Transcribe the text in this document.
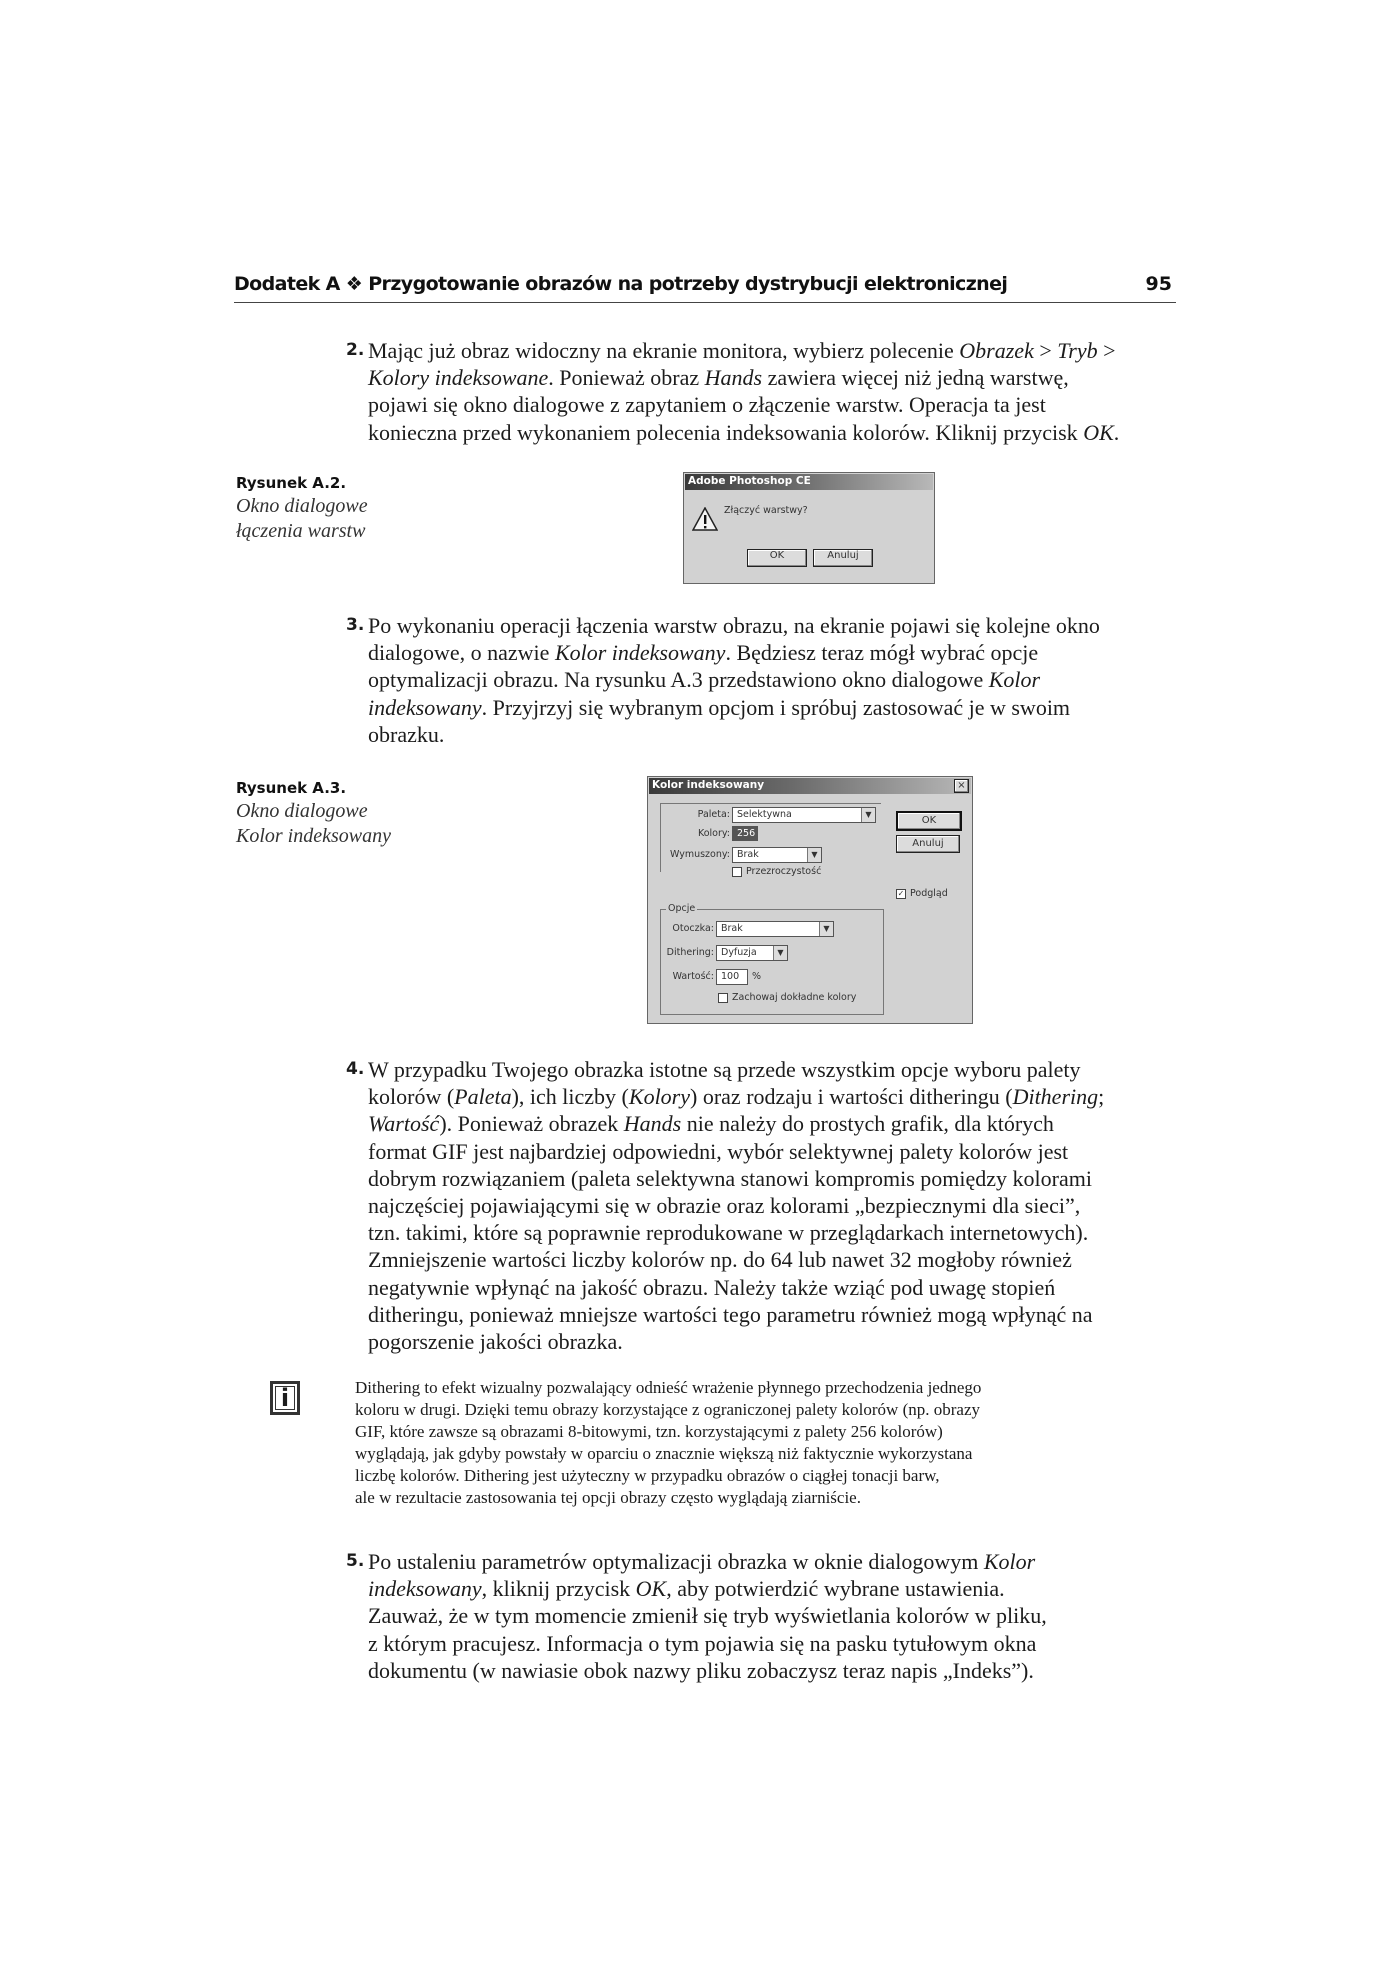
Dodatek A ❖ Przygotowanie obrazów na potrzeby dystrybucji elektronicznej	95
2. Mając już obraz widoczny na ekranie monitora, wybierz polecenie Obrazek > Tryb >

Kolory indeksowane. Ponieważ obraz Hands zawiera więcej niż jedną warstwę,

pojawi się okno dialogowe z zapytaniem o złączenie warstw. Operacja ta jest

konieczna przed wykonaniem polecenia indeksowania kolorów. Kliknij przycisk OK.

Rysunek A.2.
Okno dialogowe
łączenia warstw
Adobe Photoshop CE
Złączyć warstwy?
OK	Anuluj
3. Po wykonaniu operacji łączenia warstw obrazu, na ekranie pojawi się kolejne okno

dialogowe, o nazwie Kolor indeksowany. Będziesz teraz mógł wybrać opcje

optymalizacji obrazu. Na rysunku A.3 przedstawiono okno dialogowe Kolor

indeksowany. Przyjrzyj się wybranym opcjom i spróbuj zastosować je w swoim

obrazku.

Rysunek A.3.
Okno dialogowe
Kolor indeksowany
Kolor indeksowany	×
Paleta: Selektywna	▼
Kolory: 256
Wymuszony: Brak	▼
Przezroczystość
Opcje
Otoczka: Brak	▼
Dithering: Dyfuzja	▼
Wartość: 100 %
Zachowaj dokładne kolory
OK
Anuluj
✓ Podgląd
4. W przypadku Twojego obrazka istotne są przede wszystkim opcje wyboru palety

kolorów (Paleta), ich liczby (Kolory) oraz rodzaju i wartości ditheringu (Dithering;

Wartość). Ponieważ obrazek Hands nie należy do prostych grafik, dla których

format GIF jest najbardziej odpowiedni, wybór selektywnej palety kolorów jest

dobrym rozwiązaniem (paleta selektywna stanowi kompromis pomiędzy kolorami

najczęściej pojawiającymi się w obrazie oraz kolorami „bezpiecznymi dla sieci”,

tzn. takimi, które są poprawnie reprodukowane w przeglądarkach internetowych).

Zmniejszenie wartości liczby kolorów np. do 64 lub nawet 32 mogłoby również

negatywnie wpłynąć na jakość obrazu. Należy także wziąć pod uwagę stopień

ditheringu, ponieważ mniejsze wartości tego parametru również mogą wpłynąć na

pogorszenie jakości obrazka.

i	Dithering to efekt wizualny pozwalający odnieść wrażenie płynnego przechodzenia jednego

koloru w drugi. Dzięki temu obrazy korzystające z ograniczonej palety kolorów (np. obrazy

GIF, które zawsze są obrazami 8-bitowymi, tzn. korzystającymi z palety 256 kolorów)

wyglądają, jak gdyby powstały w oparciu o znacznie większą niż faktycznie wykorzystana

liczbę kolorów. Dithering jest użyteczny w przypadku obrazów o ciągłej tonacji barw,

ale w rezultacie zastosowania tej opcji obrazy często wyglądają ziarniście.

5. Po ustaleniu parametrów optymalizacji obrazka w oknie dialogowym Kolor

indeksowany, kliknij przycisk OK, aby potwierdzić wybrane ustawienia.

Zauważ, że w tym momencie zmienił się tryb wyświetlania kolorów w pliku,

z którym pracujesz. Informacja o tym pojawia się na pasku tytułowym okna

dokumentu (w nawiasie obok nazwy pliku zobaczysz teraz napis „Indeks”).
